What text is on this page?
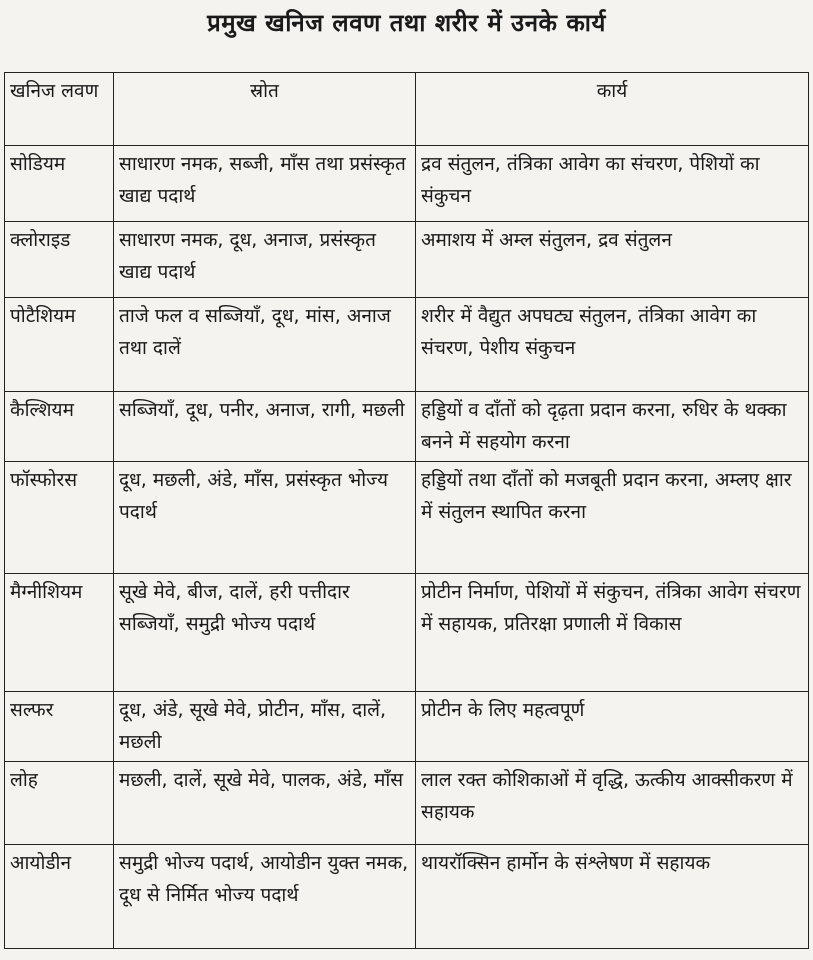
प्रमुख खनिज लवण तथा शरीर में उनके कार्य
खनिज लवण	स्रोत	कार्य
सोडियम	साधारण नमक, सब्जी, माँस तथा प्रसंस्कृत खाद्य पदार्थ	द्रव संतुलन, तंत्रिका आवेग का संचरण, पेशियों का संकुचन
क्लोराइड	साधारण नमक, दूध, अनाज, प्रसंस्कृत खाद्य पदार्थ	अमाशय में अम्ल संतुलन, द्रव संतुलन
पोटैशियम	ताजे फल व सब्जियाँ, दूध, मांस, अनाज तथा दालें	शरीर में वैद्युत अपघट्य संतुलन, तंत्रिका आवेग का संचरण, पेशीय संकुचन
कैल्शियम	सब्जियाँ, दूध, पनीर, अनाज, रागी, मछली	हड्डियों व दाँतों को दृढ़ता प्रदान करना, रुधिर के थक्का बनने में सहयोग करना
फॉस्फोरस	दूध, मछली, अंडे, माँस, प्रसंस्कृत भोज्य पदार्थ	हड्डियों तथा दाँतों को मजबूती प्रदान करना, अम्लए क्षार में संतुलन स्थापित करना
मैग्नीशियम	सूखे मेवे, बीज, दालें, हरी पत्तीदार सब्जियाँ, समुद्री भोज्य पदार्थ	प्रोटीन निर्माण, पेशियों में संकुचन, तंत्रिका आवेग संचरण में सहायक, प्रतिरक्षा प्रणाली में विकास
सल्फर	दूध, अंडे, सूखे मेवे, प्रोटीन, माँस, दालें, मछली	प्रोटीन के लिए महत्वपूर्ण
लोह	मछली, दालें, सूखे मेवे, पालक, अंडे, माँस	लाल रक्त कोशिकाओं में वृद्धि, ऊत्कीय आक्सीकरण में सहायक
आयोडीन	समुद्री भोज्य पदार्थ, आयोडीन युक्त नमक, दूध से निर्मित भोज्य पदार्थ	थायरॉक्सिन हार्मोन के संश्लेषण में सहायक
